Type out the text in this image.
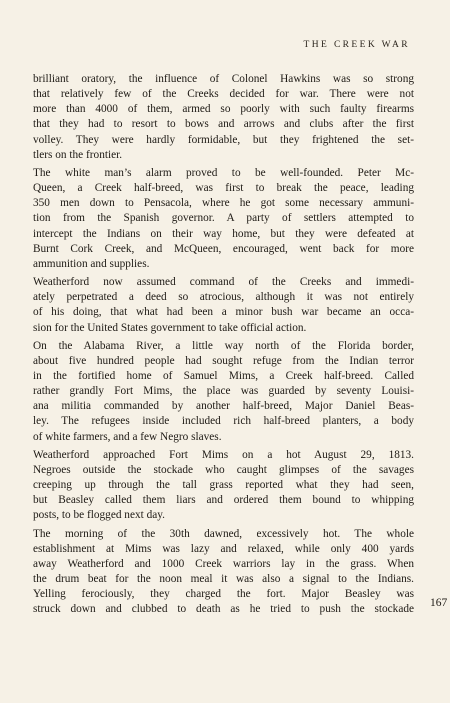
THE CREEK WAR

brilliant oratory, the influence of Colonel Hawkins was so strong
that relatively few of the Creeks decided for war. There were not
more than 4000 of them, armed so poorly with such faulty firearms
that they had to resort to bows and arrows and clubs after the first
volley. They were hardly formidable, but they frightened the set-
tlers on the frontier.

The white man’s alarm proved to be well-founded. Peter Mc-
Queen, a Creek half-breed, was first to break the peace, leading
350 men down to Pensacola, where he got some necessary ammuni-
tion from the Spanish governor. A party of settlers attempted to
intercept the Indians on their way home, but they were defeated at
Burnt Cork Creek, and McQueen, encouraged, went back for more
ammunition and supplies.

Weatherford now assumed command of the Creeks and immedi-
ately perpetrated a deed so atrocious, although it was not entirely
of his doing, that what had been a minor bush war became an occa-
sion for the United States government to take official action.

On the Alabama River, a little way north of the Florida border,
about five hundred people had sought refuge from the Indian terror
in the fortified home of Samuel Mims, a Creek half-breed. Called
rather grandly Fort Mims, the place was guarded by seventy Louisi-
ana militia commanded by another half-breed, Major Daniel Beas-
ley. The refugees inside included rich half-breed planters, a body
of white farmers, and a few Negro slaves.

Weatherford approached Fort Mims on a hot August 29, 1813.
Negroes outside the stockade who caught glimpses of the savages
creeping up through the tall grass reported what they had seen,
but Beasley called them liars and ordered them bound to whipping
posts, to be flogged next day.

The morning of the 30th dawned, excessively hot. The whole
establishment at Mims was lazy and relaxed, while only 400 yards
away Weatherford and 1000 Creek warriors lay in the grass. When
the drum beat for the noon meal it was also a signal to the Indians.
Yelling ferociously, they charged the fort. Major Beasley was
struck down and clubbed to death as he tried to push the stockade

167
